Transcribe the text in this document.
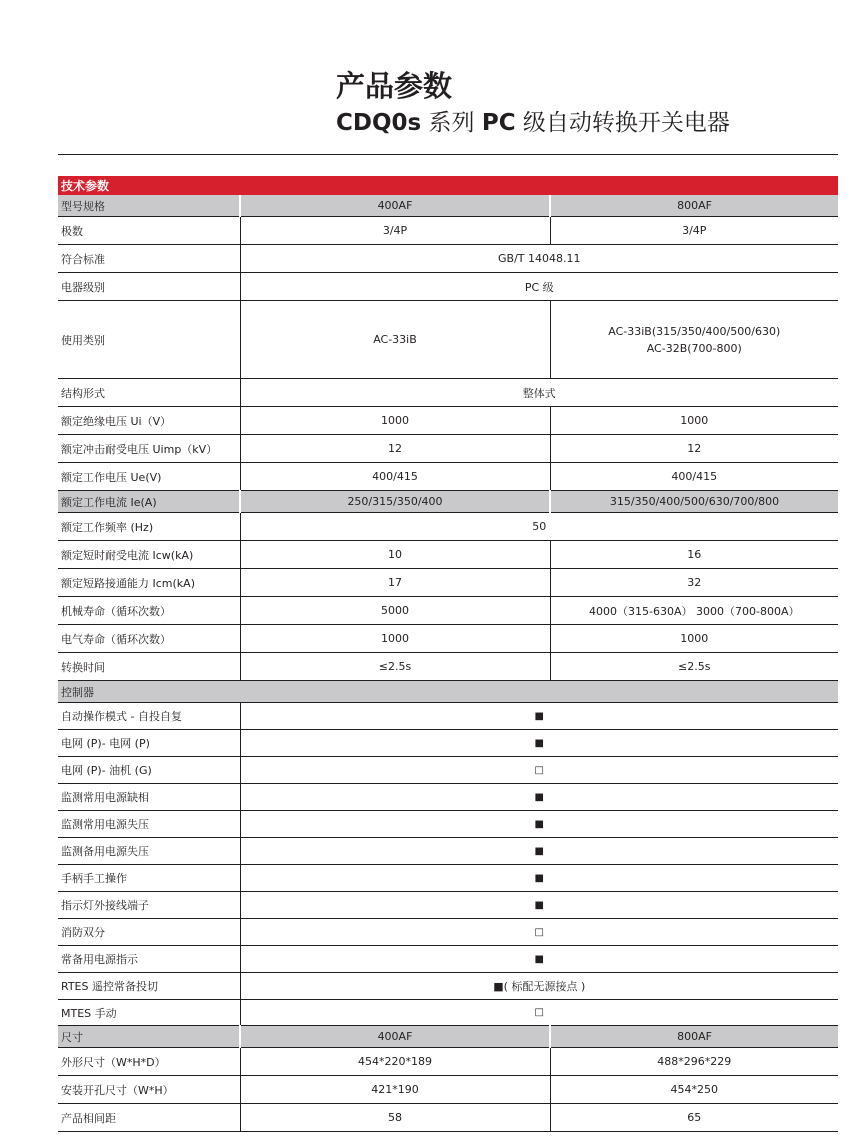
产品参数

CDQ0s 系列 PC 级自动转换开关电器

技术参数		
型号规格	400AF	800AF
极数	3/4P	3/4P
符合标准	GB/T 14048.11	
电器级别	PC 级	
使用类别	AC-33iB	AC-33iB(315/350/400/500/630)
AC-32B(700-800)

结构形式	整体式	
额定绝缘电压 Ui（V）	1000	1000
额定冲击耐受电压 Uimp（kV）	12	12
额定工作电压 Ue(V)	400/415	400/415
额定工作电流 Ie(A)	250/315/350/400	315/350/400/500/630/700/800
额定工作频率 (Hz)	50	
额定短时耐受电流 Icw(kA)	10	16
额定短路接通能力 Icm(kA)	17	32
机械寿命（循环次数）	5000	4000（315-630A） 3000（700-800A）
电气寿命（循环次数）	1000	1000
转换时间	≤2.5s	≤2.5s
控制器		
自动操作模式 - 自投自复	■	
电网 (P)- 电网 (P)	■	
电网 (P)- 油机 (G)	□	
监测常用电源缺相	■	
监测常用电源失压	■	
监测备用电源失压	■	
手柄手工操作	■	
指示灯外接线端子	■	
消防双分	□	
常备用电源指示	■	
RTES 遥控常备投切	■( 标配无源接点 )	
MTES 手动	□	
尺寸	400AF	800AF
外形尺寸（W*H*D）	454*220*189	488*296*229
安装开孔尺寸（W*H）	421*190	454*250
产品相间距	58	65
